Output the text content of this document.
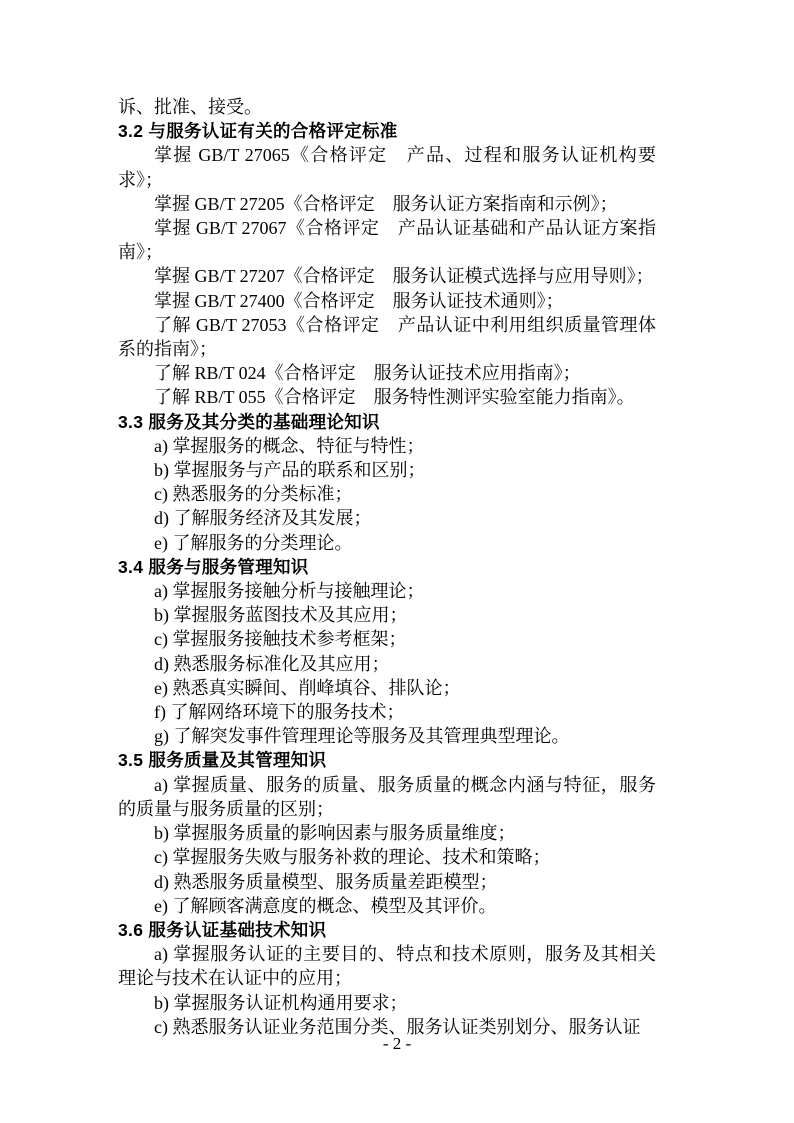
诉、批准、接受。

3.2 与服务认证有关的合格评定标准

掌握 GB/T 27065《合格评定　产品、过程和服务认证机构要求》；

掌握 GB/T 27205《合格评定　服务认证方案指南和示例》；

掌握 GB/T 27067《合格评定　产品认证基础和产品认证方案指南》；

掌握 GB/T 27207《合格评定　服务认证模式选择与应用导则》；

掌握 GB/T 27400《合格评定　服务认证技术通则》；

了解 GB/T 27053《合格评定　产品认证中利用组织质量管理体系的指南》；

了解 RB/T 024《合格评定　服务认证技术应用指南》；

了解 RB/T 055《合格评定　服务特性测评实验室能力指南》。

3.3 服务及其分类的基础理论知识

a) 掌握服务的概念、特征与特性；

b) 掌握服务与产品的联系和区别；

c) 熟悉服务的分类标准；

d) 了解服务经济及其发展；

e) 了解服务的分类理论。

3.4 服务与服务管理知识

a) 掌握服务接触分析与接触理论；

b) 掌握服务蓝图技术及其应用；

c) 掌握服务接触技术参考框架；

d) 熟悉服务标准化及其应用；

e) 熟悉真实瞬间、削峰填谷、排队论；

f) 了解网络环境下的服务技术；

g) 了解突发事件管理理论等服务及其管理典型理论。

3.5 服务质量及其管理知识

a) 掌握质量、服务的质量、服务质量的概念内涵与特征，服务的质量与服务质量的区别；

b) 掌握服务质量的影响因素与服务质量维度；

c) 掌握服务失败与服务补救的理论、技术和策略；

d) 熟悉服务质量模型、服务质量差距模型；

e) 了解顾客满意度的概念、模型及其评价。

3.6 服务认证基础技术知识

a) 掌握服务认证的主要目的、特点和技术原则，服务及其相关理论与技术在认证中的应用；

b) 掌握服务认证机构通用要求；

c) 熟悉服务认证业务范围分类、服务认证类别划分、服务认证

- 2 -
